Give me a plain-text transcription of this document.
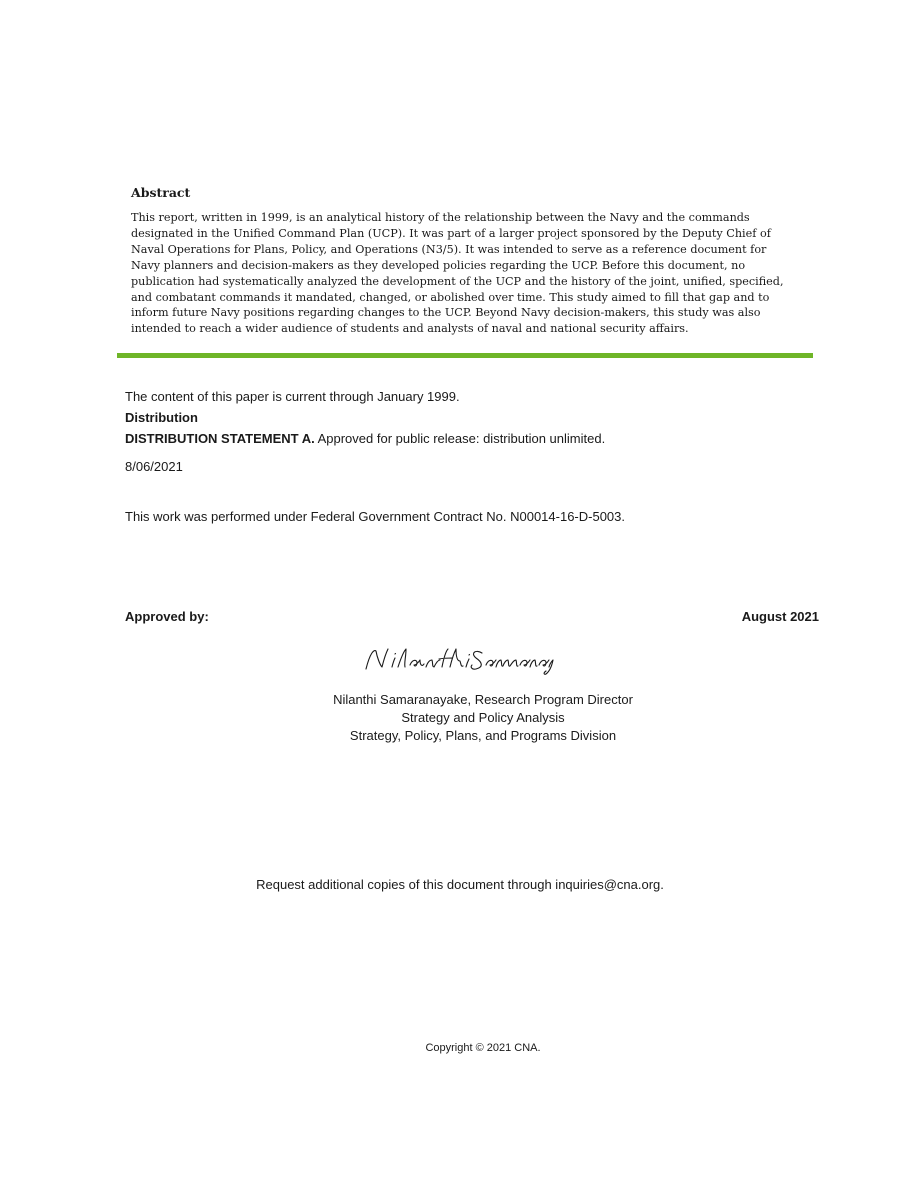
Abstract

This report, written in 1999, is an analytical history of the relationship between the Navy and the commands designated in the Unified Command Plan (UCP). It was part of a larger project sponsored by the Deputy Chief of Naval Operations for Plans, Policy, and Operations (N3/5). It was intended to serve as a reference document for Navy planners and decision-makers as they developed policies regarding the UCP. Before this document, no publication had systematically analyzed the development of the UCP and the history of the joint, unified, specified, and combatant commands it mandated, changed, or abolished over time. This study aimed to fill that gap and to inform future Navy positions regarding changes to the UCP. Beyond Navy decision-makers, this study was also intended to reach a wider audience of students and analysts of naval and national security affairs.

The content of this paper is current through January 1999.

Distribution

DISTRIBUTION STATEMENT A. Approved for public release: distribution unlimited.

8/06/2021

This work was performed under Federal Government Contract No. N00014-16-D-5003.

Approved by:	August 2021
Nilanthi Samaranayake, Research Program Director
Strategy and Policy Analysis
Strategy, Policy, Plans, and Programs Division
Request additional copies of this document through inquiries@cna.org.
Copyright © 2021 CNA.
